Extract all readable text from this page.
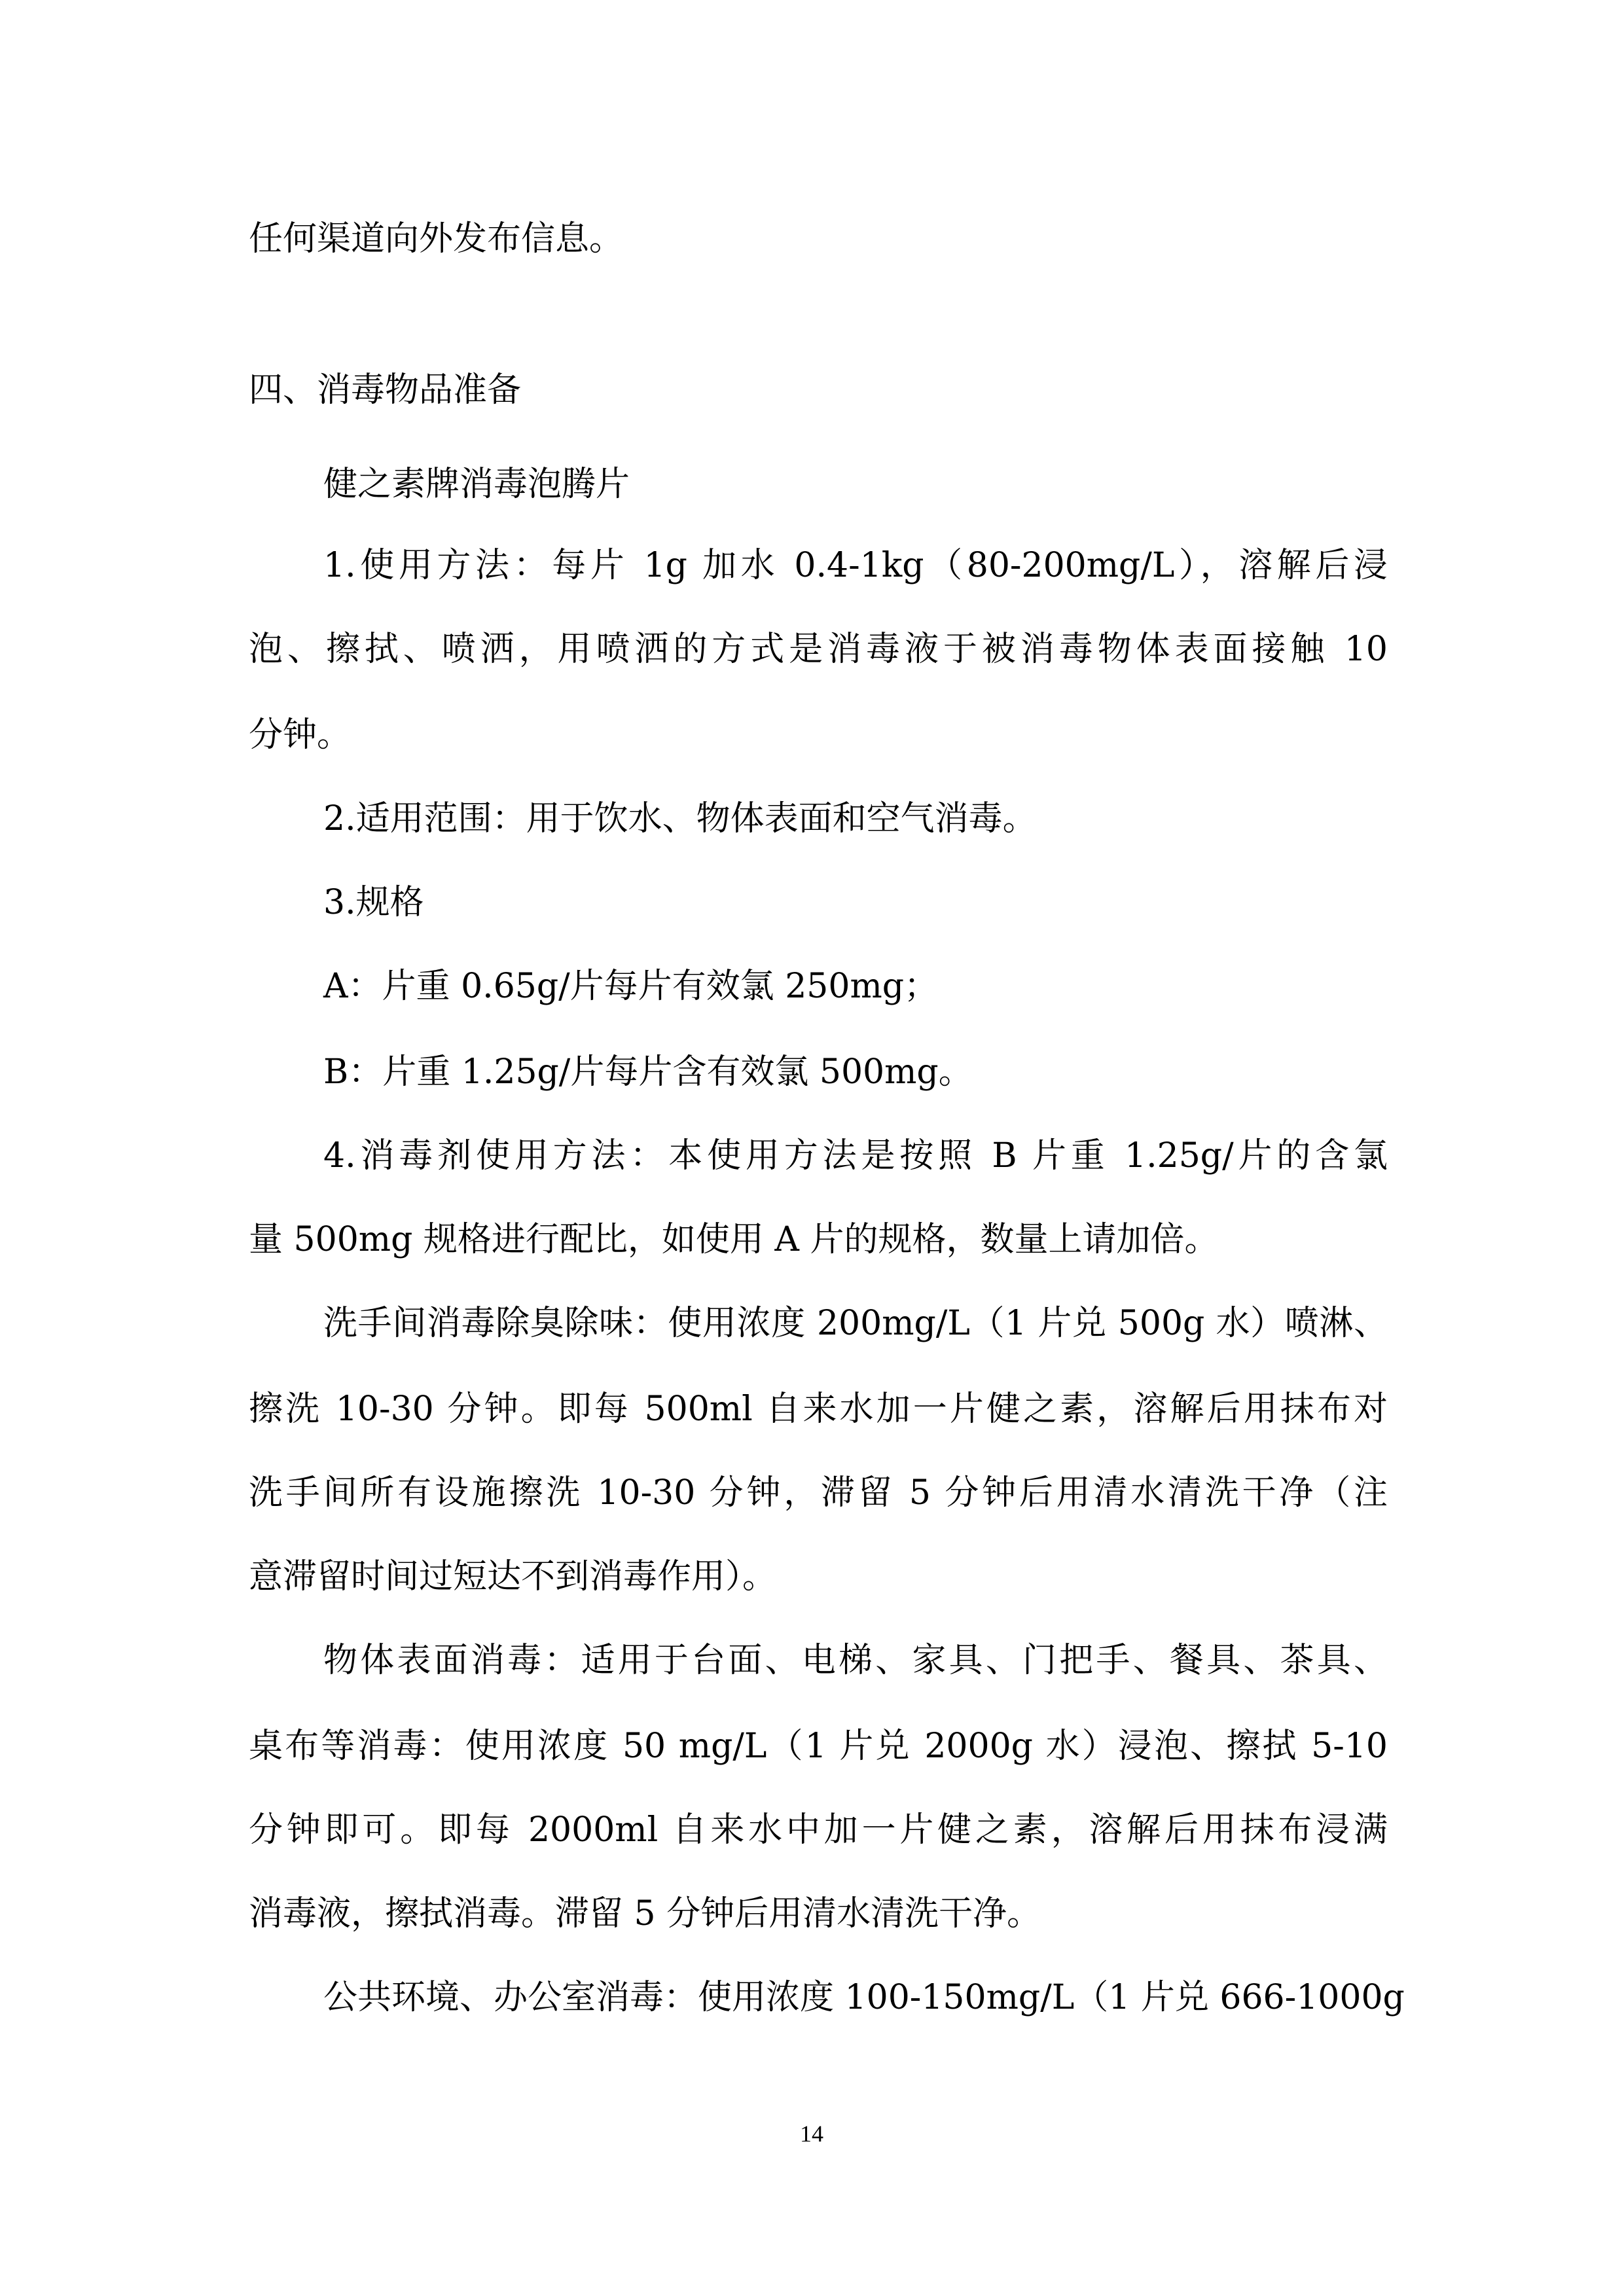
任何渠道向外发布信息。
四、消毒物品准备
健之素牌消毒泡腾片
1.使用方法：每片 1g 加水 0.4-1kg（80-200mg/L），溶解后浸
泡、擦拭、喷洒，用喷洒的方式是消毒液于被消毒物体表面接触 10
分钟。
2.适用范围：用于饮水、物体表面和空气消毒。
3.规格
A：片重 0.65g/片每片有效氯 250mg；
B：片重 1.25g/片每片含有效氯 500mg。
4.消毒剂使用方法：本使用方法是按照 B 片重 1.25g/片的含氯
量 500mg 规格进行配比，如使用 A 片的规格，数量上请加倍。
洗手间消毒除臭除味：使用浓度 200mg/L（1 片兑 500g 水）喷淋、
擦洗 10-30 分钟。即每 500ml 自来水加一片健之素，溶解后用抹布对
洗手间所有设施擦洗 10-30 分钟，滞留 5 分钟后用清水清洗干净（注
意滞留时间过短达不到消毒作用）。
物体表面消毒：适用于台面、电梯、家具、门把手、餐具、茶具、
桌布等消毒：使用浓度 50 mg/L（1 片兑 2000g 水）浸泡、擦拭 5-10
分钟即可。即每 2000ml 自来水中加一片健之素，溶解后用抹布浸满
消毒液，擦拭消毒。滞留 5 分钟后用清水清洗干净。
公共环境、办公室消毒：使用浓度 100-150mg/L（1 片兑 666-1000g
14
